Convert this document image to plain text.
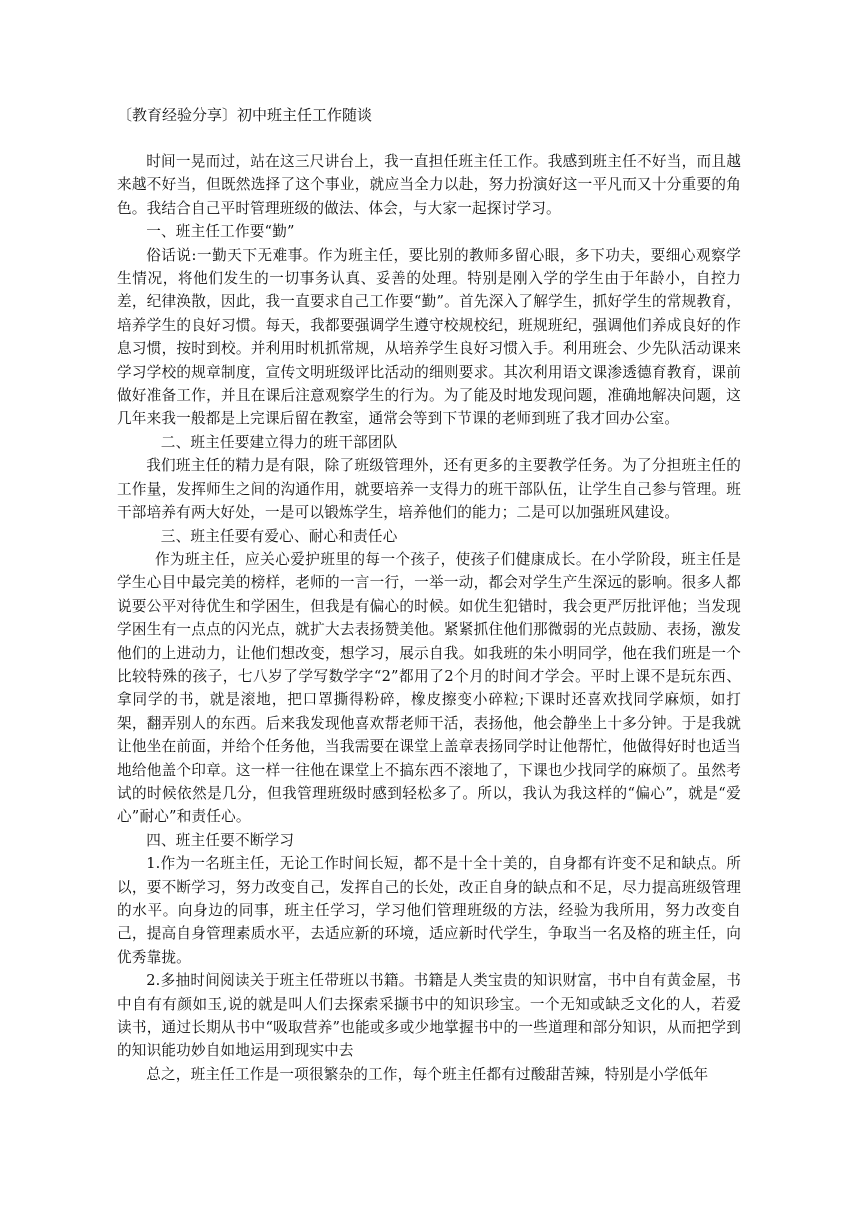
〔教育经验分享〕初中班主任工作随谈

时间一晃而过，站在这三尺讲台上，我一直担任班主任工作。我感到班主任不好当，而且越来越不好当，但既然选择了这个事业，就应当全力以赴，努力扮演好这一平凡而又十分重要的角色。我结合自己平时管理班级的做法、体会，与大家一起探讨学习。

一、班主任工作要“勤”

俗话说:一勤天下无难事。作为班主任，要比别的教师多留心眼，多下功夫，要细心观察学生情况，将他们发生的一切事务认真、妥善的处理。特别是刚入学的学生由于年龄小，自控力差，纪律涣散，因此，我一直要求自己工作要“勤”。首先深入了解学生，抓好学生的常规教育，培养学生的良好习惯。每天，我都要强调学生遵守校规校纪，班规班纪，强调他们养成良好的作息习惯，按时到校。并利用时机抓常规，从培养学生良好习惯入手。利用班会、少先队活动课来学习学校的规章制度，宣传文明班级评比活动的细则要求。其次利用语文课渗透德育教育，课前做好准备工作，并且在课后注意观察学生的行为。为了能及时地发现问题，准确地解决问题，这几年来我一般都是上完课后留在教室，通常会等到下节课的老师到班了我才回办公室。

二、班主任要建立得力的班干部团队

我们班主任的精力是有限，除了班级管理外，还有更多的主要教学任务。为了分担班主任的工作量，发挥师生之间的沟通作用，就要培养一支得力的班干部队伍，让学生自己参与管理。班干部培养有两大好处，一是可以锻炼学生，培养他们的能力；二是可以加强班风建设。

三、班主任要有爱心、耐心和责任心

作为班主任，应关心爱护班里的每一个孩子，使孩子们健康成长。在小学阶段，班主任是学生心目中最完美的榜样，老师的一言一行，一举一动，都会对学生产生深远的影响。很多人都说要公平对待优生和学困生，但我是有偏心的时候。如优生犯错时，我会更严厉批评他；当发现学困生有一点点的闪光点，就扩大去表扬赞美他。紧紧抓住他们那微弱的光点鼓励、表扬，激发他们的上进动力，让他们想改变，想学习，展示自我。如我班的朱小明同学，他在我们班是一个比较特殊的孩子，七八岁了学写数学字“2”都用了2个月的时间才学会。平时上课不是玩东西、拿同学的书，就是滚地，把口罩撕得粉碎，橡皮擦变小碎粒;下课时还喜欢找同学麻烦，如打架，翻弄别人的东西。后来我发现他喜欢帮老师干活，表扬他，他会静坐上十多分钟。于是我就让他坐在前面，并给个任务他，当我需要在课堂上盖章表扬同学时让他帮忙，他做得好时也适当地给他盖个印章。这一样一往他在课堂上不搞东西不滚地了，下课也少找同学的麻烦了。虽然考试的时候依然是几分，但我管理班级时感到轻松多了。所以，我认为我这样的“偏心”，就是“爱心”耐心”和责任心。

四、班主任要不断学习

1.作为一名班主任，无论工作时间长短，都不是十全十美的，自身都有许变不足和缺点。所以，要不断学习，努力改变自己，发挥自己的长处，改正自身的缺点和不足，尽力提高班级管理的水平。向身边的同事，班主任学习，学习他们管理班级的方法，经验为我所用，努力改变自己，提高自身管理素质水平，去适应新的环境，适应新时代学生，争取当一名及格的班主任，向优秀靠拢。

2.多抽时间阅读关于班主任带班以书籍。书籍是人类宝贵的知识财富，书中自有黄金屋，书中自有有颜如玉,说的就是叫人们去探索采撷书中的知识珍宝。一个无知或缺乏文化的人，若爱读书，通过长期从书中“吸取营养”也能或多或少地掌握书中的一些道理和部分知识，从而把学到的知识能功妙自如地运用到现实中去

总之，班主任工作是一项很繁杂的工作，每个班主任都有过酸甜苦辣，特别是小学低年
